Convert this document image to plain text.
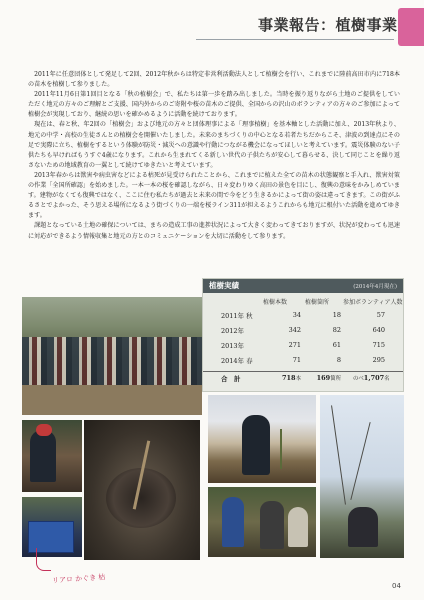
事業報告：植樹事業

2011年に任意団体として発足して2回、2012年秋からは特定非営利活動法人として植樹会を行い、これまでに陸前高田市内に718本の苗木を植樹して参りました。

2011年11月6日第1回目となる「秋の植樹会」で、私たちは第一歩を踏み出しました。当時を振り返りながら土地のご提供をしていただく地元の方々のご理解とご支援、国内外からのご寄附や桜の苗木のご提供、全国からの沢山のボランティアの方々のご参加によって植樹会が実現しており、継続の思いを確かめるように活動を続けております。

現在は、春と秋、年2回の「植樹会」および地元の方々と団体理事による「理事植樹」を基本軸とした活動に加え、2013年秋より、地元の中学・高校の生徒さんとの植樹会を開催いたしました。未来のまちづくりの中心となる若者たちだからこそ、津波の到達点にその足で実際に立ち、植樹をするという体験が防災・減災への意識や行動につながる機会になってほしいと考えています。震災体験のない子供たちも早ければもうすぐ4歳になります。これから生まれてくる新しい世代の子供たちが安心して暮らせる、決して同じことを繰り返さないための地域教育の一翼として続けてゆきたいと考えています。

2013年春からは獣害や病虫害などによる枯死が見受けられたことから、これまでに植えた全ての苗木の状態観察と手入れ、獣害対策の作業「全国所確認」を始めました。一本一本の桜を確認しながら、日々変わりゆく高田の景色を目にし、復興の意味をかみしめています。建物がなくても復興ではなく、ここに住む私たちが過去と未来の間で今をどう生きるかによって街の姿は違ってきます。この街がふるさとでよかった、そう思える場所になるよう街づくりの一端を桜ライン311が担えるようこれからも地元に根付いた活動を進めてゆきます。

課題となっている土地の確保については、まちの造成工事の進捗状況によって大きく変わってきておりますが、状況が変わっても迅速に対応ができるよう情報収集と地元の方とのコミュニケーションを大切に活動をして参ります。

植樹実績	(2014年4月現在)
植樹本数	植樹箇所 参加ボランティア人数
2011年 秋	34	18	57
2012年	342	82	640
2013年	271	61	715
2014年 春	71	8	295
合　計	718本	169箇所 のべ1,707名
リアロ かぐき 枯
04
